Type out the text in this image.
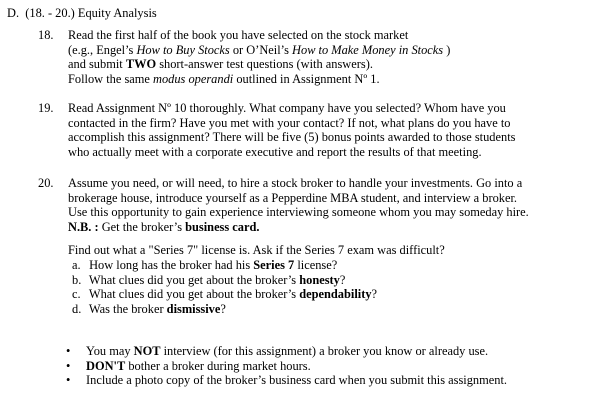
D. (18. - 20.) Equity Analysis
18. Read the first half of the book you have selected on the stock market
(e.g., Engel’s How to Buy Stocks or O’Neil’s How to Make Money in Stocks )
and submit TWO short-answer test questions (with answers).
Follow the same modus operandi outlined in Assignment Nº 1.
19. Read Assignment Nº 10 thoroughly. What company have you selected? Whom have you
contacted in the firm? Have you met with your contact? If not, what plans do you have to
accomplish this assignment? There will be five (5) bonus points awarded to those students
who actually meet with a corporate executive and report the results of that meeting.
20. Assume you need, or will need, to hire a stock broker to handle your investments. Go into a
brokerage house, introduce yourself as a Pepperdine MBA student, and interview a broker.
Use this opportunity to gain experience interviewing someone whom you may someday hire.
N.B. : Get the broker’s business card.
Find out what a "Series 7" license is. Ask if the Series 7 exam was difficult?
a. How long has the broker had his Series 7 license?
b. What clues did you get about the broker’s honesty?
c. What clues did you get about the broker’s dependability?
d. Was the broker dismissive?
• You may NOT interview (for this assignment) a broker you know or already use.
• DON'T bother a broker during market hours.
• Include a photo copy of the broker’s business card when you submit this assignment.
